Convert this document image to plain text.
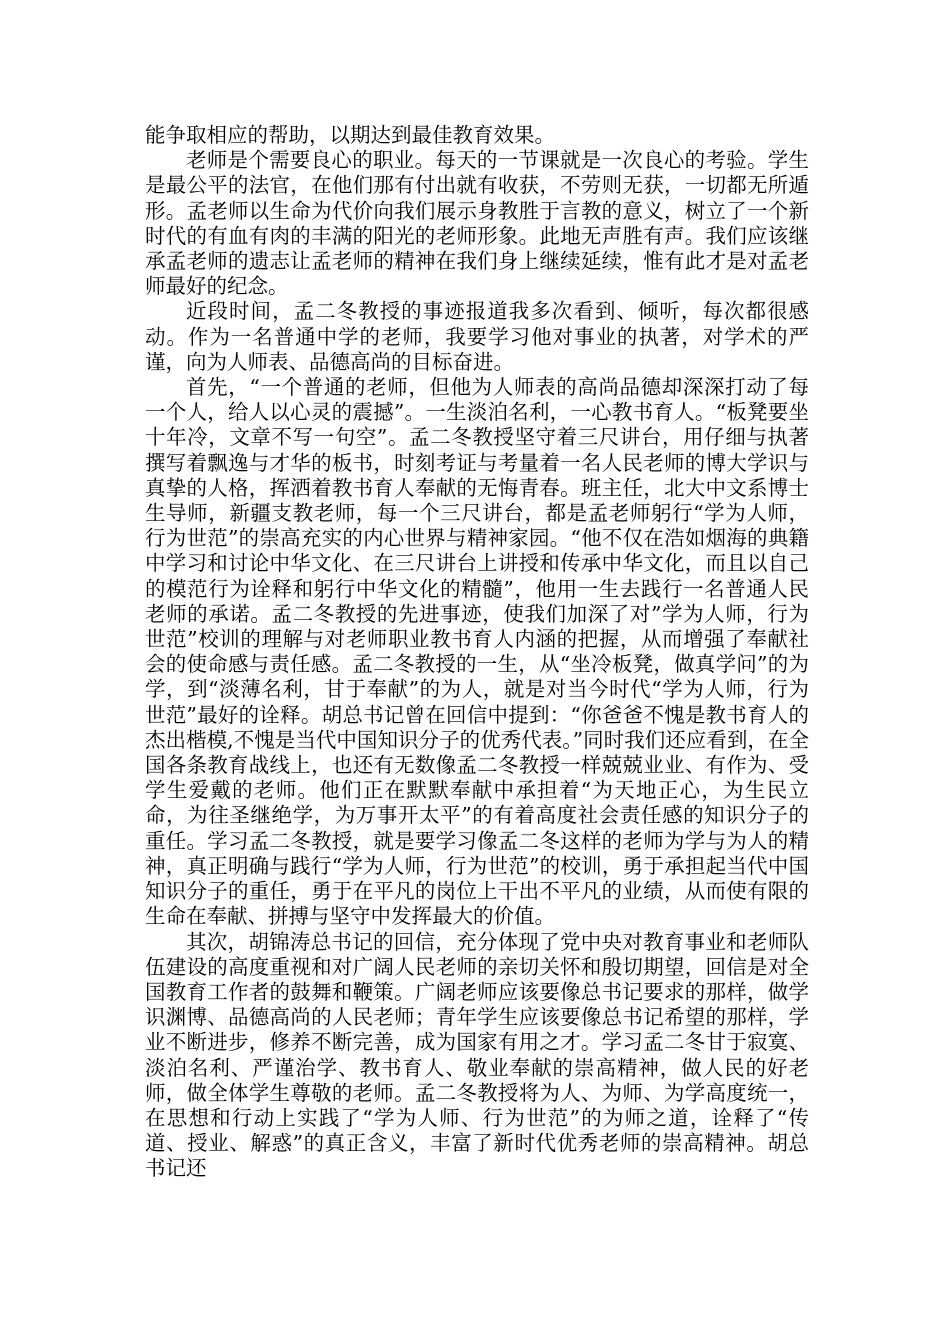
能争取相应的帮助，以期达到最佳教育效果。

老师是个需要良心的职业。每天的一节课就是一次良心的考验。学生是最公平的法官，在他们那有付出就有收获，不劳则无获，一切都无所遁形。孟老师以生命为代价向我们展示身教胜于言教的意义，树立了一个新时代的有血有肉的丰满的阳光的老师形象。此地无声胜有声。我们应该继承孟老师的遗志让孟老师的精神在我们身上继续延续，惟有此才是对孟老师最好的纪念。

近段时间，孟二冬教授的事迹报道我多次看到、倾听，每次都很感动。作为一名普通中学的老师，我要学习他对事业的执著，对学术的严谨，向为人师表、品德高尚的目标奋进。

首先，“一个普通的老师，但他为人师表的高尚品德却深深打动了每一个人，给人以心灵的震撼”。一生淡泊名利，一心教书育人。“板凳要坐十年冷，文章不写一句空”。孟二冬教授坚守着三尺讲台，用仔细与执著撰写着飘逸与才华的板书，时刻考证与考量着一名人民老师的博大学识与真挚的人格，挥洒着教书育人奉献的无悔青春。班主任，北大中文系博士生导师，新疆支教老师，每一个三尺讲台，都是孟老师躬行“学为人师，行为世范”的崇高充实的内心世界与精神家园。“他不仅在浩如烟海的典籍中学习和讨论中华文化、在三尺讲台上讲授和传承中华文化，而且以自己的模范行为诠释和躬行中华文化的精髓”，他用一生去践行一名普通人民老师的承诺。孟二冬教授的先进事迹，使我们加深了对”学为人师，行为世范”校训的理解与对老师职业教书育人内涵的把握，从而增强了奉献社会的使命感与责任感。孟二冬教授的一生，从“坐冷板凳，做真学问”的为学，到“淡薄名利，甘于奉献”的为人，就是对当今时代“学为人师，行为世范”最好的诠释。胡总书记曾在回信中提到：“你爸爸不愧是教书育人的杰出楷模,不愧是当代中国知识分子的优秀代表。”同时我们还应看到，在全国各条教育战线上，也还有无数像孟二冬教授一样兢兢业业、有作为、受学生爱戴的老师。他们正在默默奉献中承担着“为天地正心，为生民立命，为往圣继绝学，为万事开太平”的有着高度社会责任感的知识分子的重任。学习孟二冬教授，就是要学习像孟二冬这样的老师为学与为人的精神，真正明确与践行“学为人师，行为世范”的校训，勇于承担起当代中国知识分子的重任，勇于在平凡的岗位上干出不平凡的业绩，从而使有限的生命在奉献、拼搏与坚守中发挥最大的价值。

其次，胡锦涛总书记的回信，充分体现了党中央对教育事业和老师队伍建设的高度重视和对广阔人民老师的亲切关怀和殷切期望，回信是对全国教育工作者的鼓舞和鞭策。广阔老师应该要像总书记要求的那样，做学识渊博、品德高尚的人民老师；青年学生应该要像总书记希望的那样，学业不断进步，修养不断完善，成为国家有用之才。学习孟二冬甘于寂寞、淡泊名利、严谨治学、教书育人、敬业奉献的崇高精神，做人民的好老师，做全体学生尊敬的老师。孟二冬教授将为人、为师、为学高度统一，在思想和行动上实践了“学为人师、行为世范”的为师之道，诠释了“传道、授业、解惑”的真正含义，丰富了新时代优秀老师的崇高精神。胡总书记还
